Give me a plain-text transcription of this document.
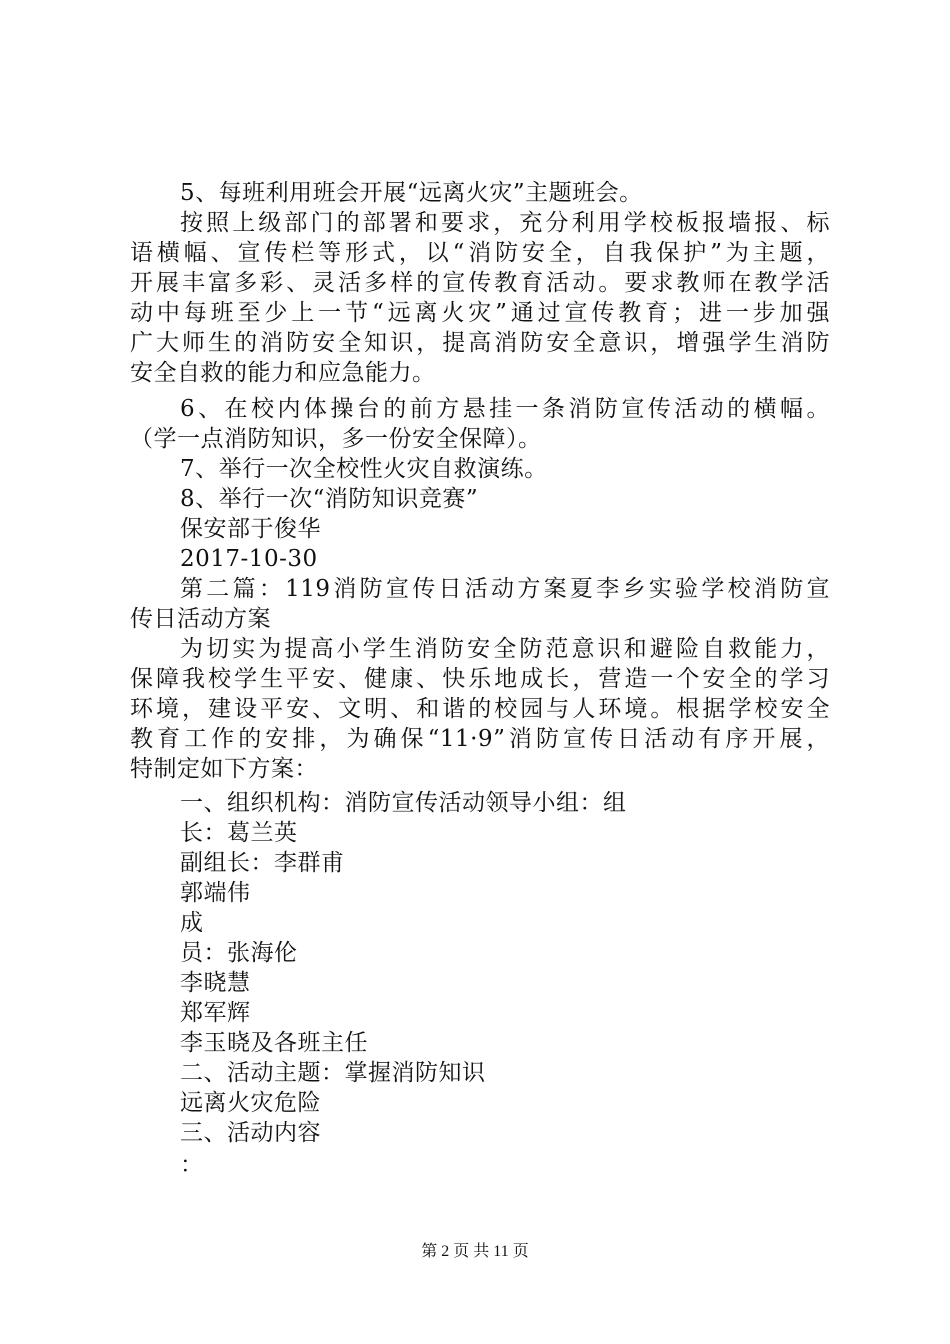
5、每班利用班会开展“远离火灾”主题班会。
按照上级部门的部署和要求，充分利用学校板报墙报、标
语横幅、宣传栏等形式，以“消防安全，自我保护”为主题，
开展丰富多彩、灵活多样的宣传教育活动。要求教师在教学活
动中每班至少上一节“远离火灾”通过宣传教育；进一步加强
广大师生的消防安全知识，提高消防安全意识，增强学生消防
安全自救的能力和应急能力。
6、在校内体操台的前方悬挂一条消防宣传活动的横幅。
（学一点消防知识，多一份安全保障）。
7、举行一次全校性火灾自救演练。
8、举行一次“消防知识竞赛”
保安部于俊华
2017-10-30
第二篇：119消防宣传日活动方案夏李乡实验学校消防宣
传日活动方案
为切实为提高小学生消防安全防范意识和避险自救能力，
保障我校学生平安、健康、快乐地成长，营造一个安全的学习
环境，建设平安、文明、和谐的校园与人环境。根据学校安全
教育工作的安排，为确保“11·9”消防宣传日活动有序开展，
特制定如下方案：
一、组织机构：消防宣传活动领导小组：组
长：葛兰英
副组长：李群甫
郭端伟
成
员：张海伦
李晓慧
郑军辉
李玉晓及各班主任
二、活动主题：掌握消防知识
远离火灾危险
三、活动内容
：
第 2 页 共 11 页
